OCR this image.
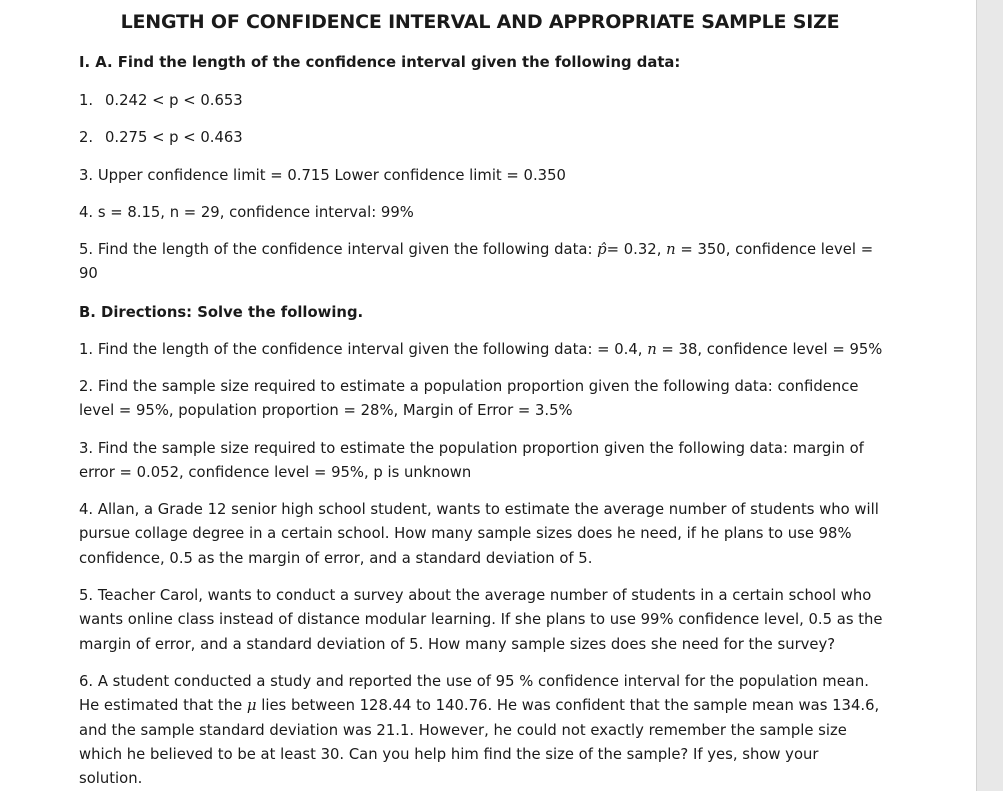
LENGTH OF CONFIDENCE INTERVAL AND APPROPRIATE SAMPLE SIZE

I. A. Find the length of the confidence interval given the following data:

1. 0.242 < p < 0.653

2. 0.275 < p < 0.463

3. Upper confidence limit = 0.715 Lower confidence limit = 0.350

4. s = 8.15, n = 29, confidence interval: 99%

5. Find the length of the confidence interval given the following data: p̂= 0.32, n = 350, confidence level =
90

B. Directions: Solve the following.

1. Find the length of the confidence interval given the following data: = 0.4, n = 38, confidence level = 95%

2. Find the sample size required to estimate a population proportion given the following data: confidence
level = 95%, population proportion = 28%, Margin of Error = 3.5%

3. Find the sample size required to estimate the population proportion given the following data: margin of
error = 0.052, confidence level = 95%, p is unknown

4. Allan, a Grade 12 senior high school student, wants to estimate the average number of students who will
pursue collage degree in a certain school. How many sample sizes does he need, if he plans to use 98%
confidence, 0.5 as the margin of error, and a standard deviation of 5.

5. Teacher Carol, wants to conduct a survey about the average number of students in a certain school who
wants online class instead of distance modular learning. If she plans to use 99% confidence level, 0.5 as the
margin of error, and a standard deviation of 5. How many sample sizes does she need for the survey?

6. A student conducted a study and reported the use of 95 % confidence interval for the population mean.
He estimated that the μ lies between 128.44 to 140.76. He was confident that the sample mean was 134.6,
and the sample standard deviation was 21.1. However, he could not exactly remember the sample size
which he believed to be at least 30. Can you help him find the size of the sample? If yes, show your
solution.
